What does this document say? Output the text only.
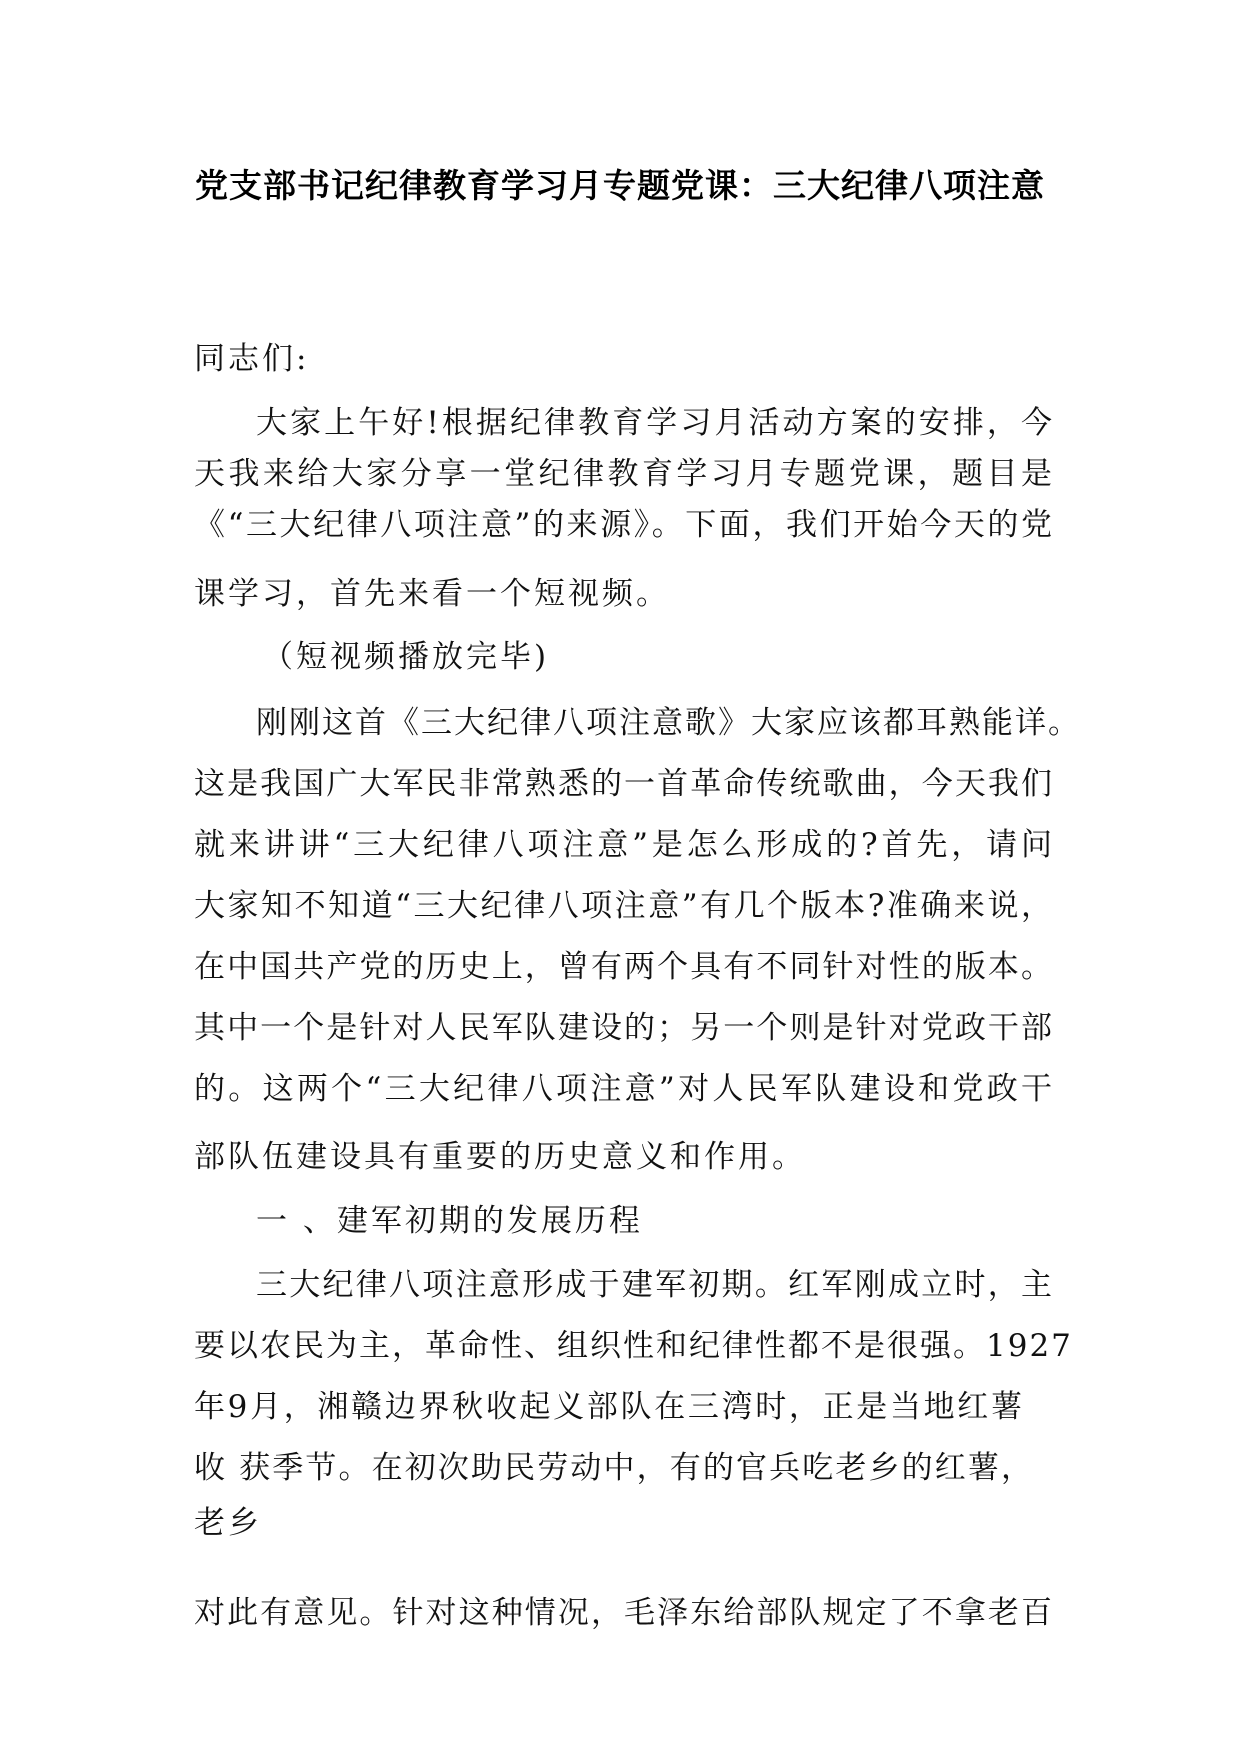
党支部书记纪律教育学习月专题党课：三大纪律八项注意
同志们:
大家上午好!根据纪律教育学习月活动方案的安排，今
天我来给大家分享一堂纪律教育学习月专题党课，题目是
《“三大纪律八项注意”的来源》。下面，我们开始今天的党
课学习，首先来看一个短视频。
（短视频播放完毕)
刚刚这首《三大纪律八项注意歌》大家应该都耳熟能详。
这是我国广大军民非常熟悉的一首革命传统歌曲，今天我们
就来讲讲“三大纪律八项注意”是怎么形成的?首先，请问
大家知不知道“三大纪律八项注意”有几个版本?准确来说，
在中国共产党的历史上，曾有两个具有不同针对性的版本。
其中一个是针对人民军队建设的；另一个则是针对党政干部
的。这两个“三大纪律八项注意”对人民军队建设和党政干
部队伍建设具有重要的历史意义和作用。
一 、建军初期的发展历程
三大纪律八项注意形成于建军初期。红军刚成立时，主
要以农民为主，革命性、组织性和纪律性都不是很强。1927
年9月，湘赣边界秋收起义部队在三湾时，正是当地红薯
收 获季节。在初次助民劳动中，有的官兵吃老乡的红薯，
老乡
对此有意见。针对这种情况，毛泽东给部队规定了不拿老百
